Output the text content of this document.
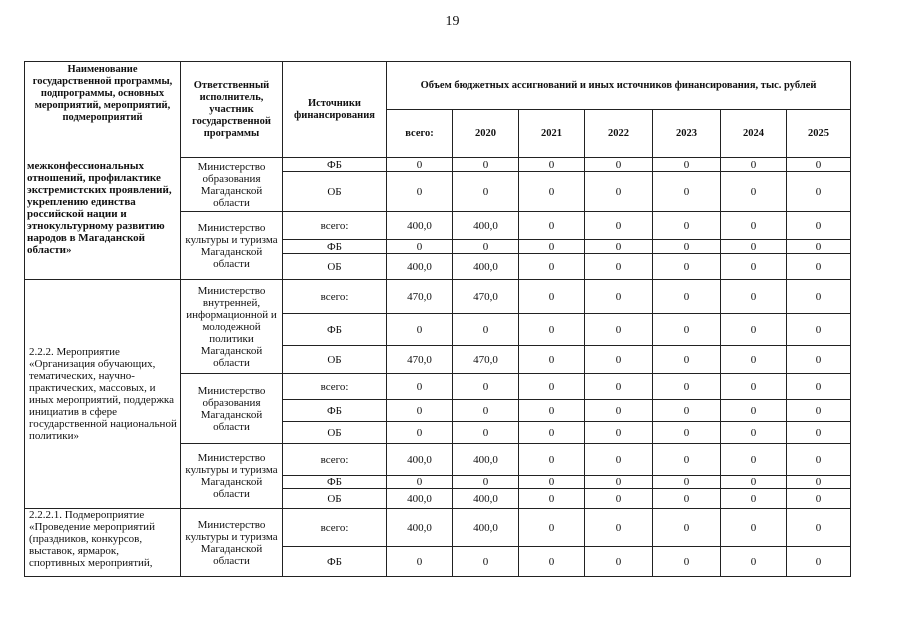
19
Наименование государственной программы, подпрограммы, основных мероприятий, мероприятий, подмероприятий	Ответственный исполнитель, участник государственной программы	Источники финансирования	Объем бюджетных ассигнований и иных источников финансирования, тыс. рублей						
			всего:	2020	2021	2022	2023	2024	2025
межконфессиональных отношений, профилактике экстремистских проявлений, укреплению единства российской нации и этнокультурному развитию народов в Магаданской области»	Министерство образования Магаданской области	ФБ	0	0	0	0	0	0	0
		ОБ	0	0	0	0	0	0	0
	Министерство культуры и туризма Магаданской области	всего:	400,0	400,0	0	0	0	0	0
		ФБ	0	0	0	0	0	0	0
		ОБ	400,0	400,0	0	0	0	0	0
2.2.2. Мероприятие «Организация обучающих, тематических, научно-практических, массовых, и иных мероприятий, поддержка инициатив в сфере государственной национальной политики»	Министерство внутренней, информационной и молодежной политики Магаданской области	всего:	470,0	470,0	0	0	0	0	0
		ФБ	0	0	0	0	0	0	0
		ОБ	470,0	470,0	0	0	0	0	0
	Министерство образования Магаданской области	всего:	0	0	0	0	0	0	0
		ФБ	0	0	0	0	0	0	0
		ОБ	0	0	0	0	0	0	0
	Министерство культуры и туризма Магаданской области	всего:	400,0	400,0	0	0	0	0	0
		ФБ	0	0	0	0	0	0	0
		ОБ	400,0	400,0	0	0	0	0	0
2.2.2.1. Подмероприятие «Проведение мероприятий (праздников, конкурсов, выставок, ярмарок, спортивных мероприятий,	Министерство культуры и туризма Магаданской области	всего:	400,0	400,0	0	0	0	0	0
		ФБ	0	0	0	0	0	0	0
